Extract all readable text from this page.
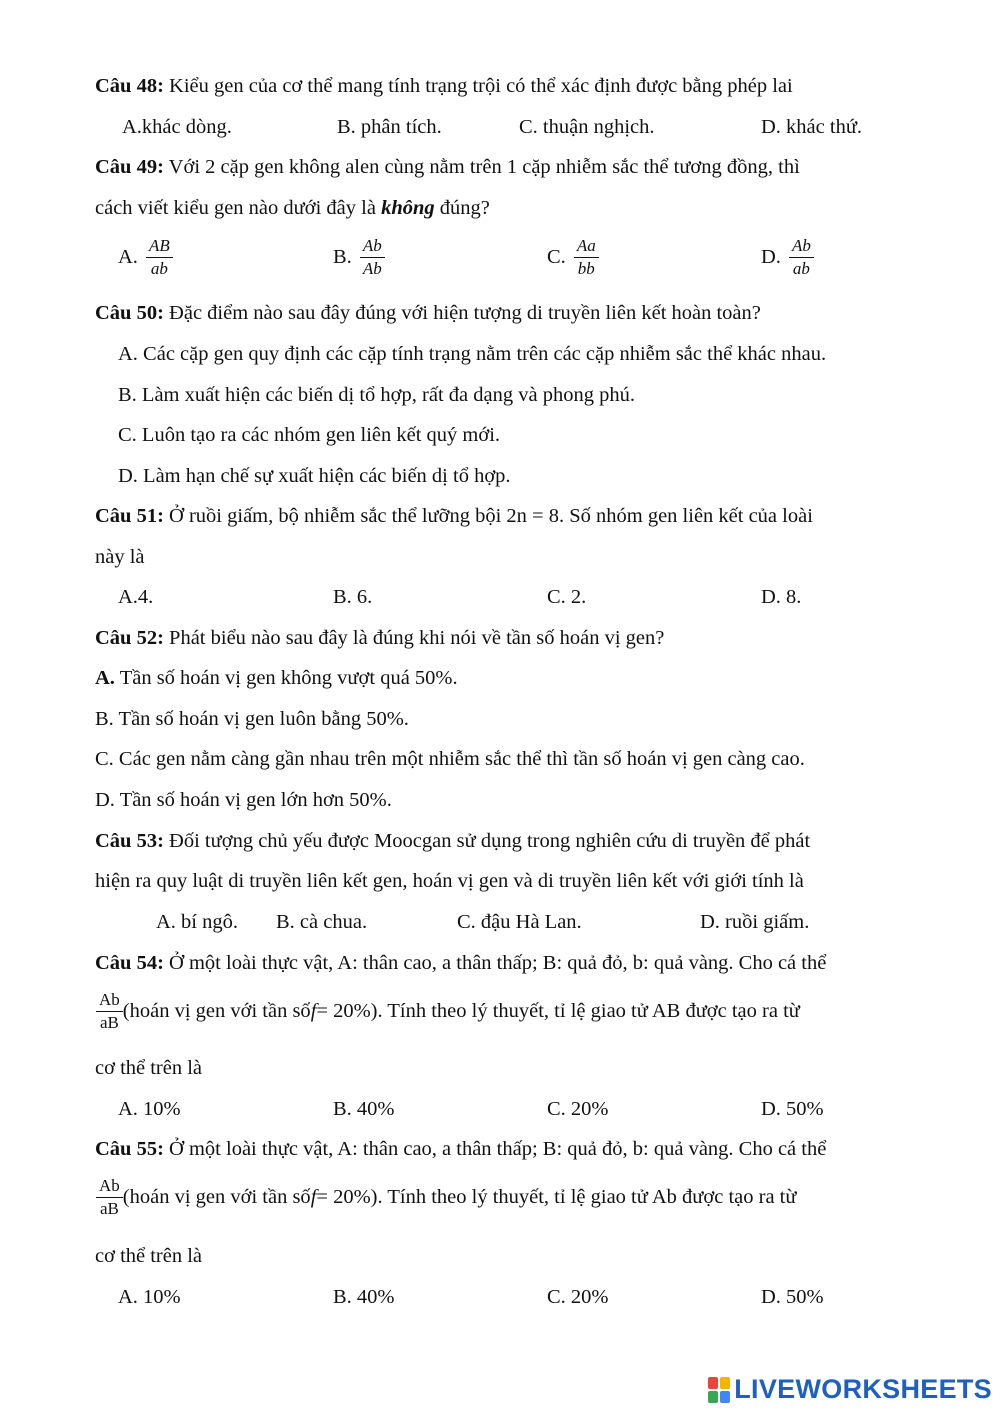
Câu 48: Kiểu gen của cơ thể mang tính trạng trội có thể xác định được bằng phép lai
A.khác dòng.	B. phân tích.	C. thuận nghịch.	D. khác thứ.
Câu 49: Với 2 cặp gen không alen cùng nằm trên 1 cặp nhiễm sắc thể tương đồng, thì
cách viết kiểu gen nào dưới đây là không đúng?
A.
AB
ab
B.
Ab
Ab
C.
Aa
bb
D.
Ab
ab
Câu 50: Đặc điểm nào sau đây đúng với hiện tượng di truyền liên kết hoàn toàn?
A. Các cặp gen quy định các cặp tính trạng nằm trên các cặp nhiễm sắc thể khác nhau.
B. Làm xuất hiện các biến dị tổ hợp, rất đa dạng và phong phú.
C. Luôn tạo ra các nhóm gen liên kết quý mới.
D. Làm hạn chế sự xuất hiện các biến dị tổ hợp.
Câu 51: Ở ruồi giấm, bộ nhiễm sắc thể lưỡng bội 2n = 8. Số nhóm gen liên kết của loài
này là
A.4.	B. 6.	C. 2.	D. 8.
Câu 52: Phát biểu nào sau đây là đúng khi nói về tần số hoán vị gen?
A. Tần số hoán vị gen không vượt quá 50%.
B. Tần số hoán vị gen luôn bằng 50%.
C. Các gen nằm càng gần nhau trên một nhiễm sắc thể thì tần số hoán vị gen càng cao.
D. Tần số hoán vị gen lớn hơn 50%.
Câu 53: Đối tượng chủ yếu được Moocgan sử dụng trong nghiên cứu di truyền để phát
hiện ra quy luật di truyền liên kết gen, hoán vị gen và di truyền liên kết với giới tính là
A. bí ngô. B. cà chua.	C. đậu Hà Lan.	D. ruồi giấm.
Câu 54: Ở một loài thực vật, A: thân cao, a thân thấp; B: quả đỏ, b: quả vàng. Cho cá thể
Ab
aB
(hoán vị gen với tần số f = 20%). Tính theo lý thuyết, tỉ lệ giao tử AB được tạo ra từ
cơ thể trên là
A. 10%	B. 40%	C. 20%	D. 50%
Câu 55: Ở một loài thực vật, A: thân cao, a thân thấp; B: quả đỏ, b: quả vàng. Cho cá thể
Ab
aB
(hoán vị gen với tần số f = 20%). Tính theo lý thuyết, tỉ lệ giao tử Ab được tạo ra từ
cơ thể trên là
A. 10%	B. 40%	C. 20%	D. 50%
LIVEWORKSHEETS
